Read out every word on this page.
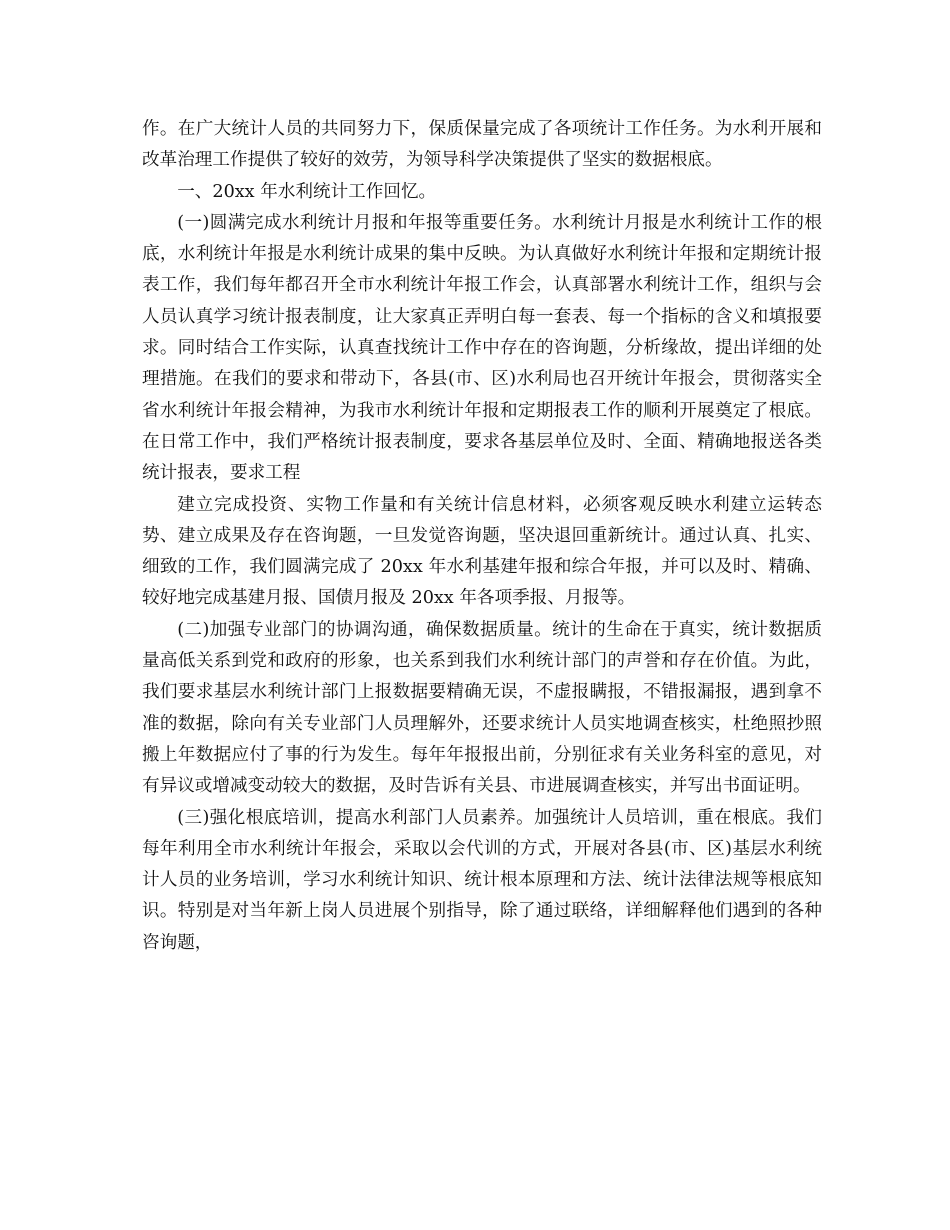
作。在广大统计人员的共同努力下，保质保量完成了各项统计工作任务。为水利开展和改革治理工作提供了较好的效劳，为领导科学决策提供了坚实的数据根底。

一、20xx 年水利统计工作回忆。

(一)圆满完成水利统计月报和年报等重要任务。水利统计月报是水利统计工作的根底，水利统计年报是水利统计成果的集中反映。为认真做好水利统计年报和定期统计报表工作，我们每年都召开全市水利统计年报工作会，认真部署水利统计工作，组织与会人员认真学习统计报表制度，让大家真正弄明白每一套表、每一个指标的含义和填报要求。同时结合工作实际，认真查找统计工作中存在的咨询题，分析缘故，提出详细的处理措施。在我们的要求和带动下，各县(市、区)水利局也召开统计年报会，贯彻落实全省水利统计年报会精神，为我市水利统计年报和定期报表工作的顺利开展奠定了根底。在日常工作中，我们严格统计报表制度，要求各基层单位及时、全面、精确地报送各类统计报表，要求工程

建立完成投资、实物工作量和有关统计信息材料，必须客观反映水利建立运转态势、建立成果及存在咨询题，一旦发觉咨询题，坚决退回重新统计。通过认真、扎实、细致的工作，我们圆满完成了 20xx 年水利基建年报和综合年报，并可以及时、精确、较好地完成基建月报、国债月报及 20xx 年各项季报、月报等。

(二)加强专业部门的协调沟通，确保数据质量。统计的生命在于真实，统计数据质量高低关系到党和政府的形象，也关系到我们水利统计部门的声誉和存在价值。为此，我们要求基层水利统计部门上报数据要精确无误，不虚报瞒报，不错报漏报，遇到拿不准的数据，除向有关专业部门人员理解外，还要求统计人员实地调查核实，杜绝照抄照搬上年数据应付了事的行为发生。每年年报报出前，分别征求有关业务科室的意见，对有异议或增减变动较大的数据，及时告诉有关县、市进展调查核实，并写出书面证明。

(三)强化根底培训，提高水利部门人员素养。加强统计人员培训，重在根底。我们每年利用全市水利统计年报会，采取以会代训的方式，开展对各县(市、区)基层水利统计人员的业务培训，学习水利统计知识、统计根本原理和方法、统计法律法规等根底知识。特别是对当年新上岗人员进展个别指导，除了通过联络，详细解释他们遇到的各种咨询题，
